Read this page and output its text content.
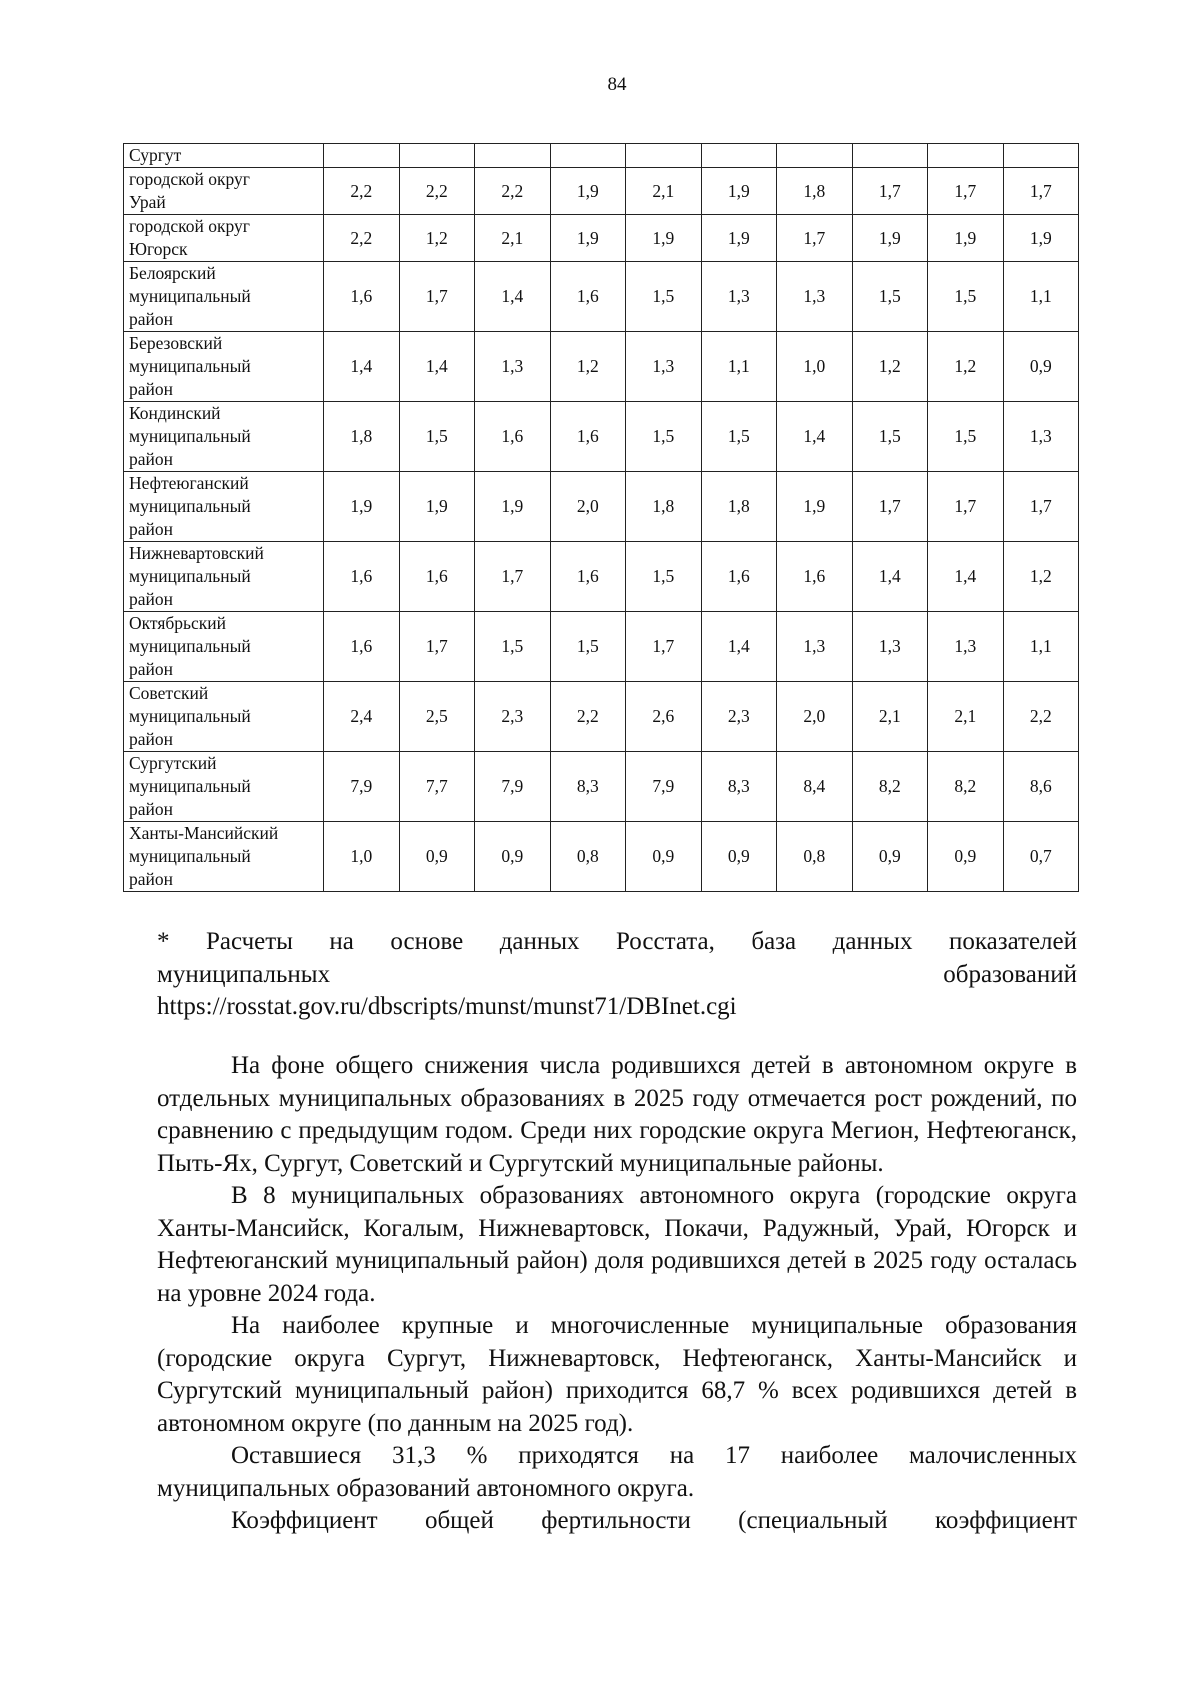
84
Сургут										
городской округ
Урай	2,2	2,2	2,2	1,9	2,1	1,9	1,8	1,7	1,7	1,7
городской округ
Югорск	2,2	1,2	2,1	1,9	1,9	1,9	1,7	1,9	1,9	1,9
Белоярский
муниципальный
район	1,6	1,7	1,4	1,6	1,5	1,3	1,3	1,5	1,5	1,1
Березовский
муниципальный
район	1,4	1,4	1,3	1,2	1,3	1,1	1,0	1,2	1,2	0,9
Кондинский
муниципальный
район	1,8	1,5	1,6	1,6	1,5	1,5	1,4	1,5	1,5	1,3
Нефтеюганский
муниципальный
район	1,9	1,9	1,9	2,0	1,8	1,8	1,9	1,7	1,7	1,7
Нижневартовский
муниципальный
район	1,6	1,6	1,7	1,6	1,5	1,6	1,6	1,4	1,4	1,2
Октябрьский
муниципальный
район	1,6	1,7	1,5	1,5	1,7	1,4	1,3	1,3	1,3	1,1
Советский
муниципальный
район	2,4	2,5	2,3	2,2	2,6	2,3	2,0	2,1	2,1	2,2
Сургутский
муниципальный
район	7,9	7,7	7,9	8,3	7,9	8,3	8,4	8,2	8,2	8,6
Ханты-Мансийский
муниципальный
район	1,0	0,9	0,9	0,8	0,9	0,9	0,8	0,9	0,9	0,7
* Расчеты на основе данных Росстата, база данных показателей
муниципальных	образований
https://rosstat.gov.ru/dbscripts/munst/munst71/DBInet.cgi

На фоне общего снижения числа родившихся детей в автономном округе в отдельных муниципальных образованиях в 2025 году отмечается рост рождений, по сравнению с предыдущим годом. Среди них городские округа Мегион, Нефтеюганск, Пыть-Ях, Сургут, Советский и Сургутский муниципальные районы.

В 8 муниципальных образованиях автономного округа (городские округа Ханты-Мансийск, Когалым, Нижневартовск, Покачи, Радужный, Урай, Югорск и Нефтеюганский муниципальный район) доля родившихся детей в 2025 году осталась на уровне 2024 года.

На наиболее крупные и многочисленные муниципальные образования (городские округа Сургут, Нижневартовск, Нефтеюганск, Ханты-Мансийск и Сургутский муниципальный район) приходится 68,7 % всех родившихся детей в автономном округе (по данным на 2025 год).

Оставшиеся 31,3 % приходятся на 17 наиболее малочисленных муниципальных образований автономного округа.

Коэффициент общей фертильности (специальный коэффициент
